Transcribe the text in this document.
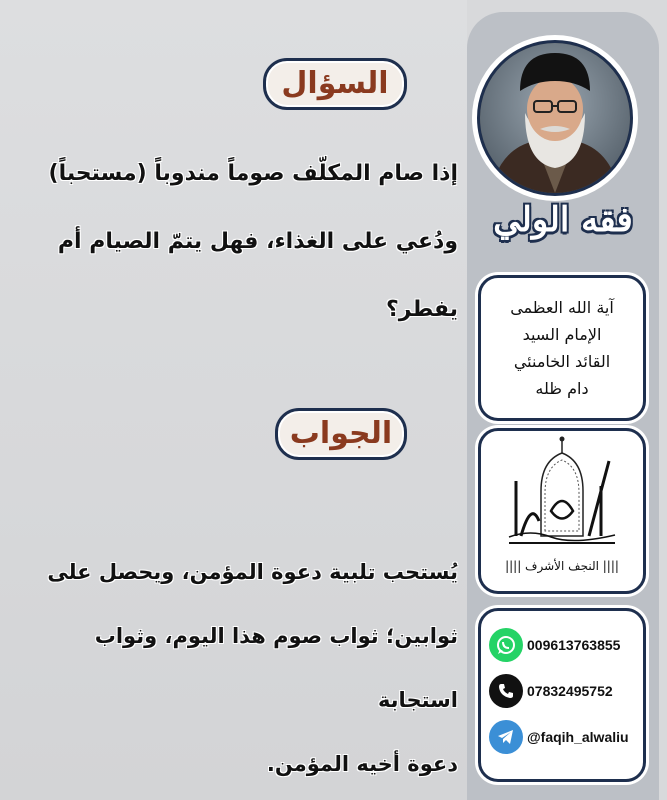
السؤال
إذا صام المكلّف صوماً مندوباً (مستحباً)
ودُعي على الغذاء، فهل يتمّ الصيام أم
يفطر؟
الجواب
يُستحب تلبية دعوة المؤمن، ويحصل على
ثوابين؛ ثواب صوم هذا اليوم، وثواب استجابة
دعوة أخيه المؤمن.
فقه الولي
آية الله العظمى
الإمام السيد
القائد الخامنئي
دام ظله
|||| النجف الأشرف ||||
009613763855
07832495752
@faqih_alwaliu
